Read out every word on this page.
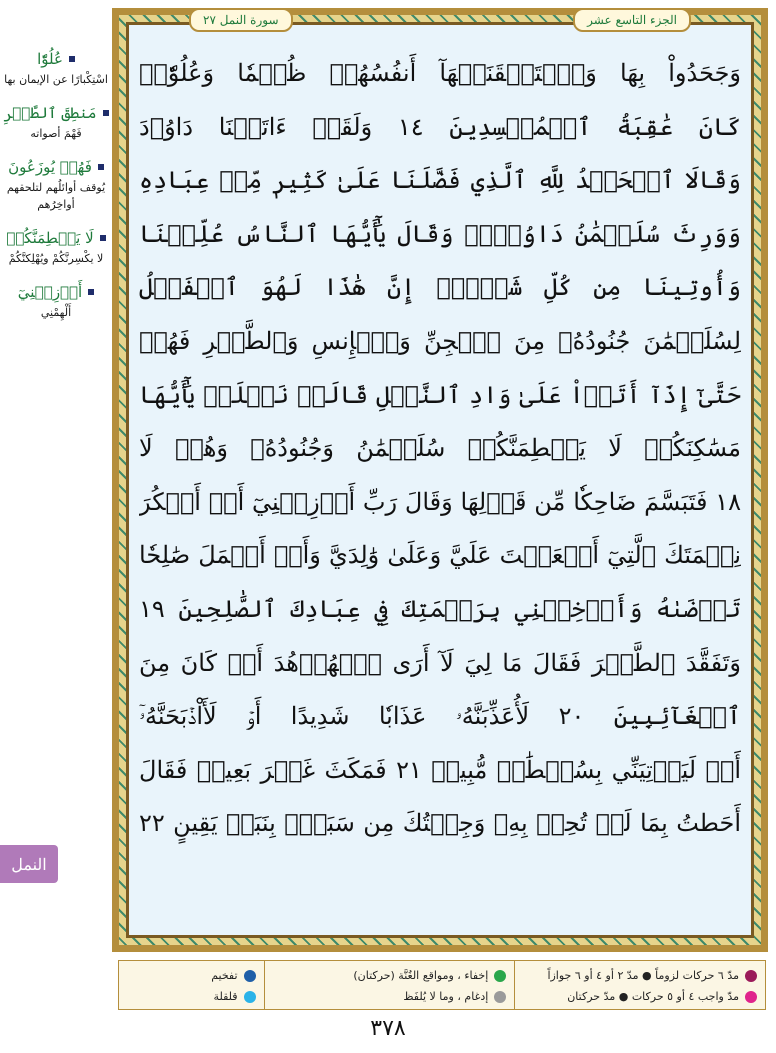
عُلُوّٗا
اسْتِكْبارًا عن الإيمان بها
مَنطِقَ ٱلطَّيۡرِ
فَهْمَ أصواته
فَهُمۡ يُوزَعُونَ
يُوقف أوائلُهم لتلحقهم أواخِرُهم
لَا يَحۡطِمَنَّكُمۡ
لا يكْسِرنَّكُمْ ويُهْلِكنَّكُمْ
أَوۡزِعۡنِيٓ
أَلْهِمْنِي
النمل
سورة النمل ٢٧	الجزء التاسع عشر
وَجَحَدُواْ بِهَا وَٱسۡتَيۡقَنَتۡهَآ أَنفُسُهُمۡ ظُلۡمٗا وَعُلُوّٗاۚ
كَانَ عَٰقِبَةُ ٱلۡمُفۡسِدِينَ ١٤ وَلَقَدۡ ءَاتَيۡنَا دَاوُۥدَ
وَقَالَا ٱلۡحَمۡدُ لِلَّهِ ٱلَّذِي فَضَّلَنَا عَلَىٰ كَثِيرٖ مِّنۡ عِبَادِهِ
وَوَرِثَ سُلَيۡمَٰنُ دَاوُۥدَۖ وَقَالَ يَٰٓأَيُّهَا ٱلنَّاسُ عُلِّمۡنَا
وَأُوتِينَا مِن كُلِّ شَيۡءٍۖ إِنَّ هَٰذَا لَهُوَ ٱلۡفَضۡلُ
لِسُلَيۡمَٰنَ جُنُودُهُۥ مِنَ ٱلۡجِنِّ وَٱلۡإِنسِ وَٱلطَّيۡرِ فَهُمۡ
حَتَّىٰٓ إِذَآ أَتَوۡاْ عَلَىٰ وَادِ ٱلنَّمۡلِ قَالَتۡ نَمۡلَةٞ يَٰٓأَيُّهَا
مَسَٰكِنَكُمۡ لَا يَحۡطِمَنَّكُمۡ سُلَيۡمَٰنُ وَجُنُودُهُۥ وَهُمۡ لَا
١٨ فَتَبَسَّمَ ضَاحِكٗا مِّن قَوۡلِهَا وَقَالَ رَبِّ أَوۡزِعۡنِيٓ أَنۡ أَشۡكُرَ
نِعۡمَتَكَ ٱلَّتِيٓ أَنۡعَمۡتَ عَلَيَّ وَعَلَىٰ وَٰلِدَيَّ وَأَنۡ أَعۡمَلَ صَٰلِحٗا
تَرۡضَىٰهُ وَأَدۡخِلۡنِي بِرَحۡمَتِكَ فِي عِبَادِكَ ٱلصَّٰلِحِينَ ١٩
وَتَفَقَّدَ ٱلطَّيۡرَ فَقَالَ مَا لِيَ لَآ أَرَى ٱلۡهُدۡهُدَ أَمۡ كَانَ مِنَ
ٱلۡغَآئِبِينَ ٢٠ لَأُعَذِّبَنَّهُۥ عَذَابٗا شَدِيدًا أَوۡ لَأَاْذۡبَحَنَّهُۥٓ
أَوۡ لَيَأۡتِيَنِّي بِسُلۡطَٰنٖ مُّبِينٖ ٢١ فَمَكَثَ غَيۡرَ بَعِيدٖ فَقَالَ
أَحَطتُ بِمَا لَمۡ تُحِطۡ بِهِۦ وَجِئۡتُكَ مِن سَبَإِۭ بِنَبَإٖ يَقِينٍ ٢٢
مدّ ٦ حركات لزوماً ● مدّ ٢ أو ٤ أو ٦ جوازاً
مدّ واجب ٤ أو ٥ حركات ● مدّ حركتان
إخفاء ، ومواقع الغُنَّة (حركتان)
إدغام ، وما لا يُلفَظ
تفخيم
قلقلة
٣٧٨
